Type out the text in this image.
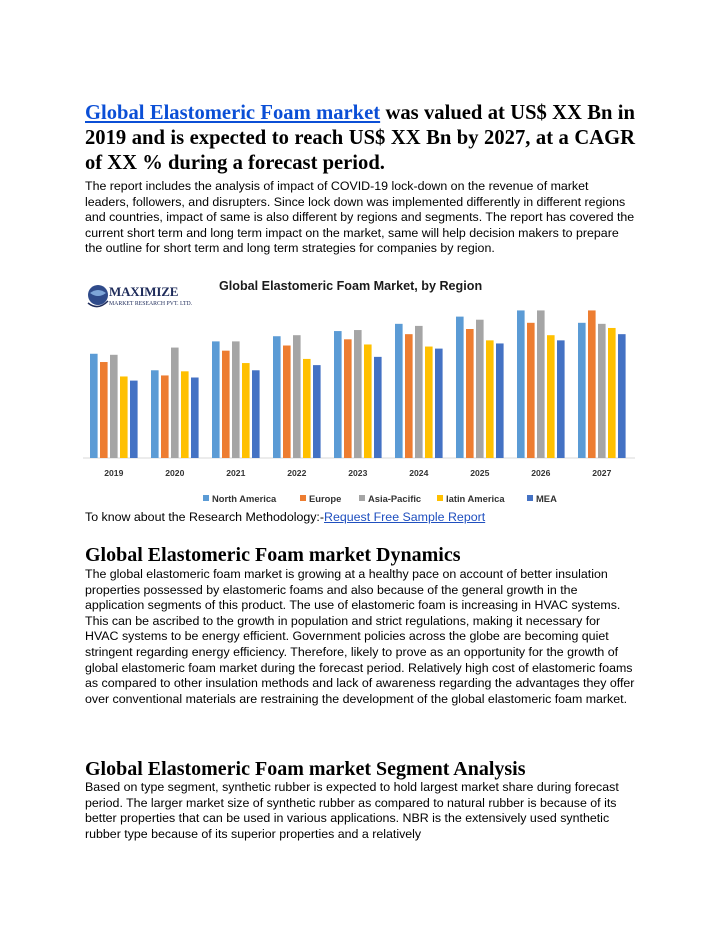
Global Elastomeric Foam market was valued at US$ XX Bn in 2019 and is expected to reach US$ XX Bn by 2027, at a CAGR of XX % during a forecast period.
The report includes the analysis of impact of COVID-19 lock-down on the revenue of market leaders, followers, and disrupters. Since lock down was implemented differently in different regions and countries, impact of same is also different by regions and segments. The report has covered the current short term and long term impact on the market, same will help decision makers to prepare the outline for short term and long term strategies for companies by region.
MAXIMIZE
MARKET RESEARCH PVT. LTD.
Global Elastomeric Foam Market, by Region
2019	2020	2021	2022	2023	2024	2025	2026	2027
North America	Europe	Asia-Pacific	latin America	MEA
To know about the Research Methodology:-Request Free Sample Report
Global Elastomeric Foam market Dynamics
The global elastomeric foam market is growing at a healthy pace on account of better insulation properties possessed by elastomeric foams and also because of the general growth in the application segments of this product. The use of elastomeric foam is increasing in HVAC systems. This can be ascribed to the growth in population and strict regulations, making it necessary for HVAC systems to be energy efficient. Government policies across the globe are becoming quiet stringent regarding energy efficiency. Therefore, likely to prove as an opportunity for the growth of global elastomeric foam market during the forecast period. Relatively high cost of elastomeric foams as compared to other insulation methods and lack of awareness regarding the advantages they offer over conventional materials are restraining the development of the global elastomeric foam market.
Global Elastomeric Foam market Segment Analysis
Based on type segment, synthetic rubber is expected to hold largest market share during forecast period. The larger market size of synthetic rubber as compared to natural rubber is because of its better properties that can be used in various applications. NBR is the extensively used synthetic rubber type because of its superior properties and a relatively
